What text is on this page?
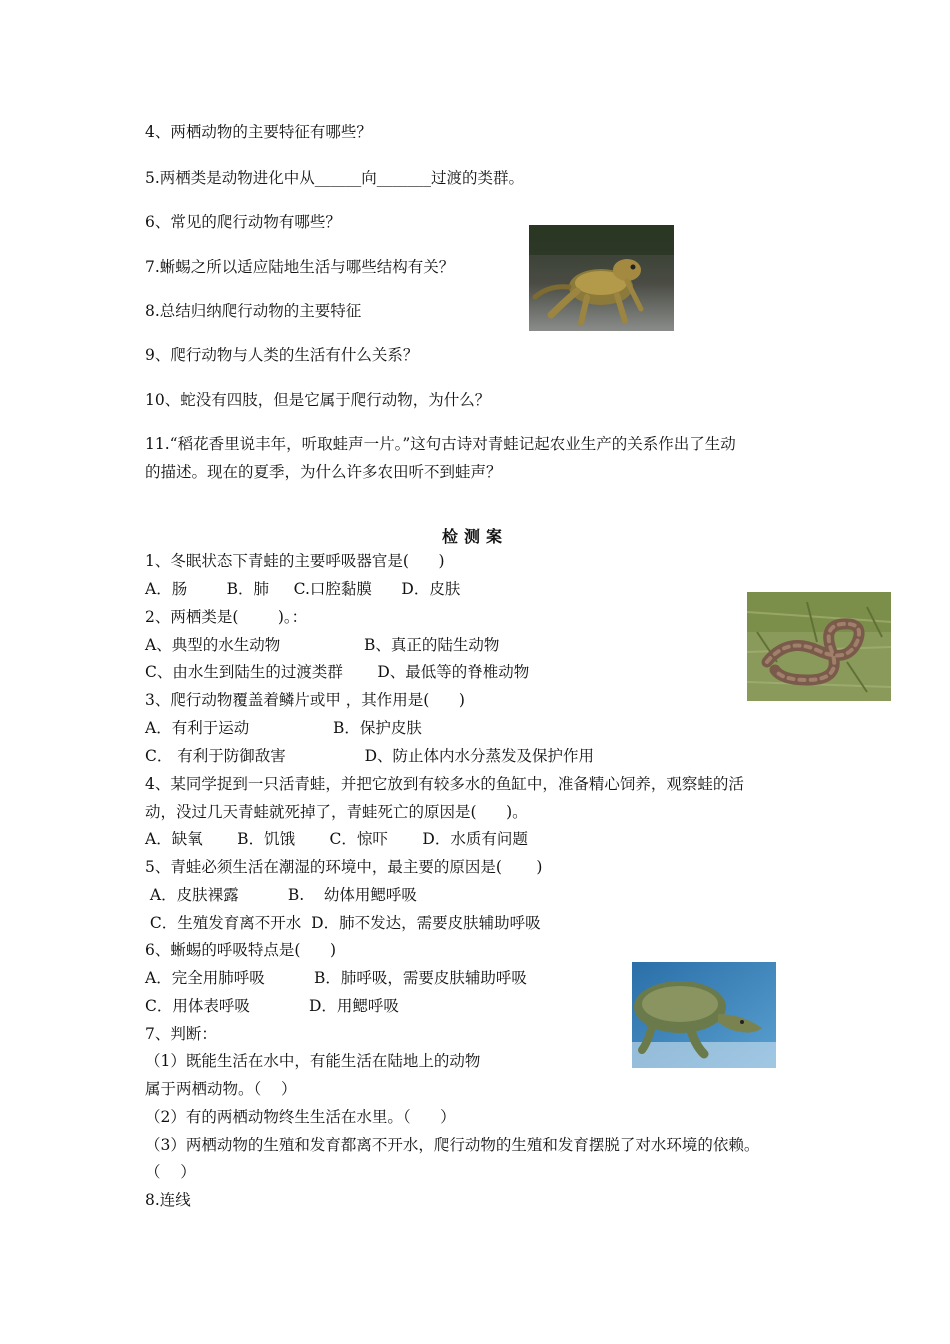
4、两栖动物的主要特征有哪些？
5.两栖类是动物进化中从______向_______过渡的类群。
6、常见的爬行动物有哪些？
7.蜥蜴之所以适应陆地生活与哪些结构有关？
8.总结归纳爬行动物的主要特征
9、爬行动物与人类的生活有什么关系？
10、蛇没有四肢，但是它属于爬行动物，为什么？
11.“稻花香里说丰年，听取蛙声一片。”这句古诗对青蛙记起农业生产的关系作出了生动
的描述。现在的夏季，为什么许多农田听不到蛙声？
检测案
1、冬眠状态下青蛙的主要呼吸器官是(      )
A．肠        B．肺     C.口腔黏膜      D．皮肤
2、两栖类是(        )。：
A、典型的水生动物                 B、真正的陆生动物
C、由水生到陆生的过渡类群       D、最低等的脊椎动物
3、爬行动物覆盖着鳞片或甲 ，其作用是(      )
A．有利于运动                 B．保护皮肤
C． 有利于防御敌害                D、防止体内水分蒸发及保护作用
4、某同学捉到一只活青蛙，并把它放到有较多水的鱼缸中，准备精心饲养，观察蛙的活
动，没过几天青蛙就死掉了，青蛙死亡的原因是(      )。
A．缺氧       B．饥饿       C．惊吓       D．水质有问题
5、青蛙必须生活在潮湿的环境中，最主要的原因是(       )
A．皮肤裸露          B.    幼体用鳃呼吸
C．生殖发育离不开水  D．肺不发达，需要皮肤辅助呼吸
6、蜥蜴的呼吸特点是(      )
A．完全用肺呼吸          B．肺呼吸，需要皮肤辅助呼吸
C．用体表呼吸            D．用鳃呼吸
7、判断：
（1）既能生活在水中，有能生活在陆地上的动物
属于两栖动物。（    ）
（2）有的两栖动物终生生活在水里。（      ）
（3）两栖动物的生殖和发育都离不开水，爬行动物的生殖和发育摆脱了对水环境的依赖。
（    ）
8.连线
